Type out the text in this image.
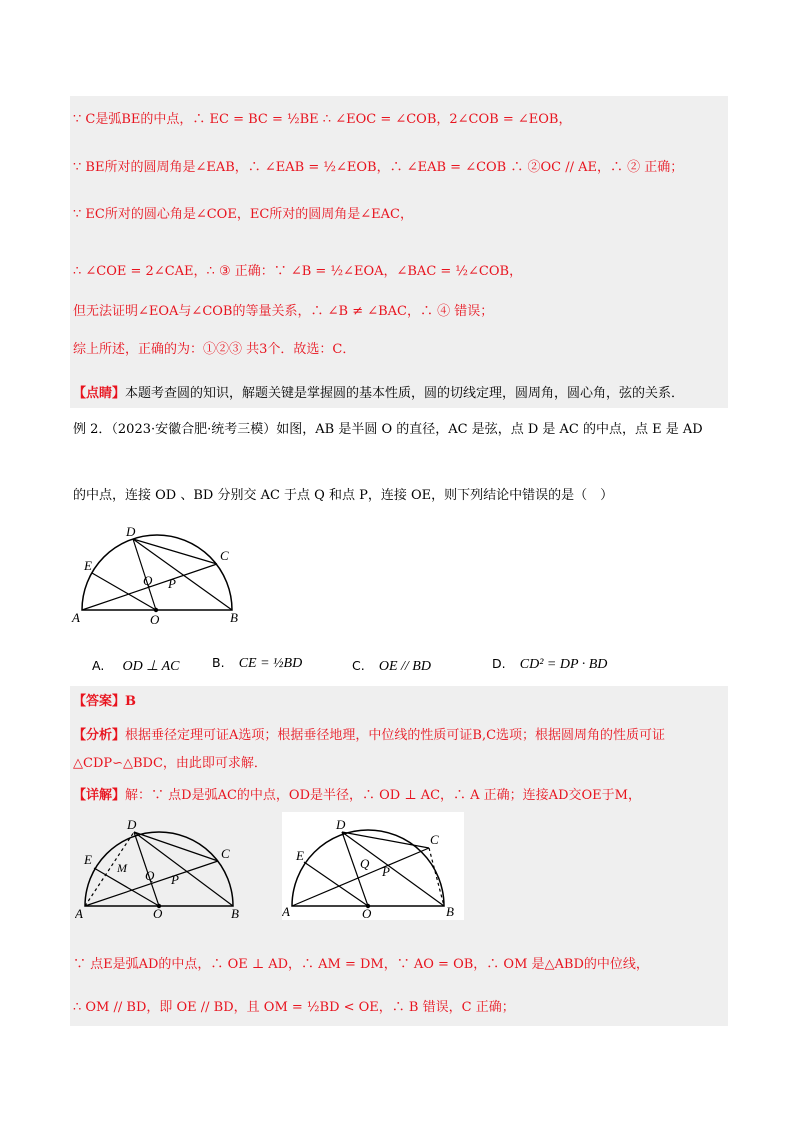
∵ C是弧BE的中点，∴ EC = BC = ½BE ∴ ∠EOC = ∠COB，2∠COB = ∠EOB，
∵ BE所对的圆周角是∠EAB，∴ ∠EAB = ½∠EOB，∴ ∠EAB = ∠COB ∴ ②OC // AE，∴ ② 正确；
∵ EC所对的圆心角是∠COE，EC所对的圆周角是∠EAC，
∴ ∠COE = 2∠CAE，∴ ③ 正确：∵ ∠B = ½∠EOA，∠BAC = ½∠COB，
但无法证明∠EOA与∠COB的等量关系，∴ ∠B ≠ ∠BAC，∴ ④ 错误；
综上所述，正确的为：①②③ 共3个．故选：C．
【点睛】本题考查圆的知识，解题关键是掌握圆的基本性质，圆的切线定理，圆周角，圆心角，弦的关系．
例 2．（2023·安徽合肥·统考三模）如图，AB 是半圆 O 的直径，AC 是弦，点 D 是 AC 的中点，点 E 是 AD
的中点，连接 OD 、BD 分别交 AC 于点 Q 和点 P，连接 OE，则下列结论中错误的是（　）
D
C
E
Q P
A	O	B
A. OD ⊥ AC	B. CE = ½BD	C. OE // BD	D. CD² = DP · BD
【答案】B
【分析】根据垂径定理可证A选项；根据垂径地理，中位线的性质可证B,C选项；根据圆周角的性质可证
△CDP∽△BDC，由此即可求解．
【详解】解：∵ 点D是弧AC的中点，OD是半径，∴ OD ⊥ AC，∴ A 正确；连接AD交OE于M，
D
C
E
M Q P
A	O	B
D
C
E
Q
P
A	O	B
∵ 点E是弧AD的中点，∴ OE ⊥ AD，∴ AM = DM，∵ AO = OB，∴ OM 是△ABD的中位线，
∴ OM // BD，即 OE // BD，且 OM = ½BD < OE，∴ B 错误，C 正确；
